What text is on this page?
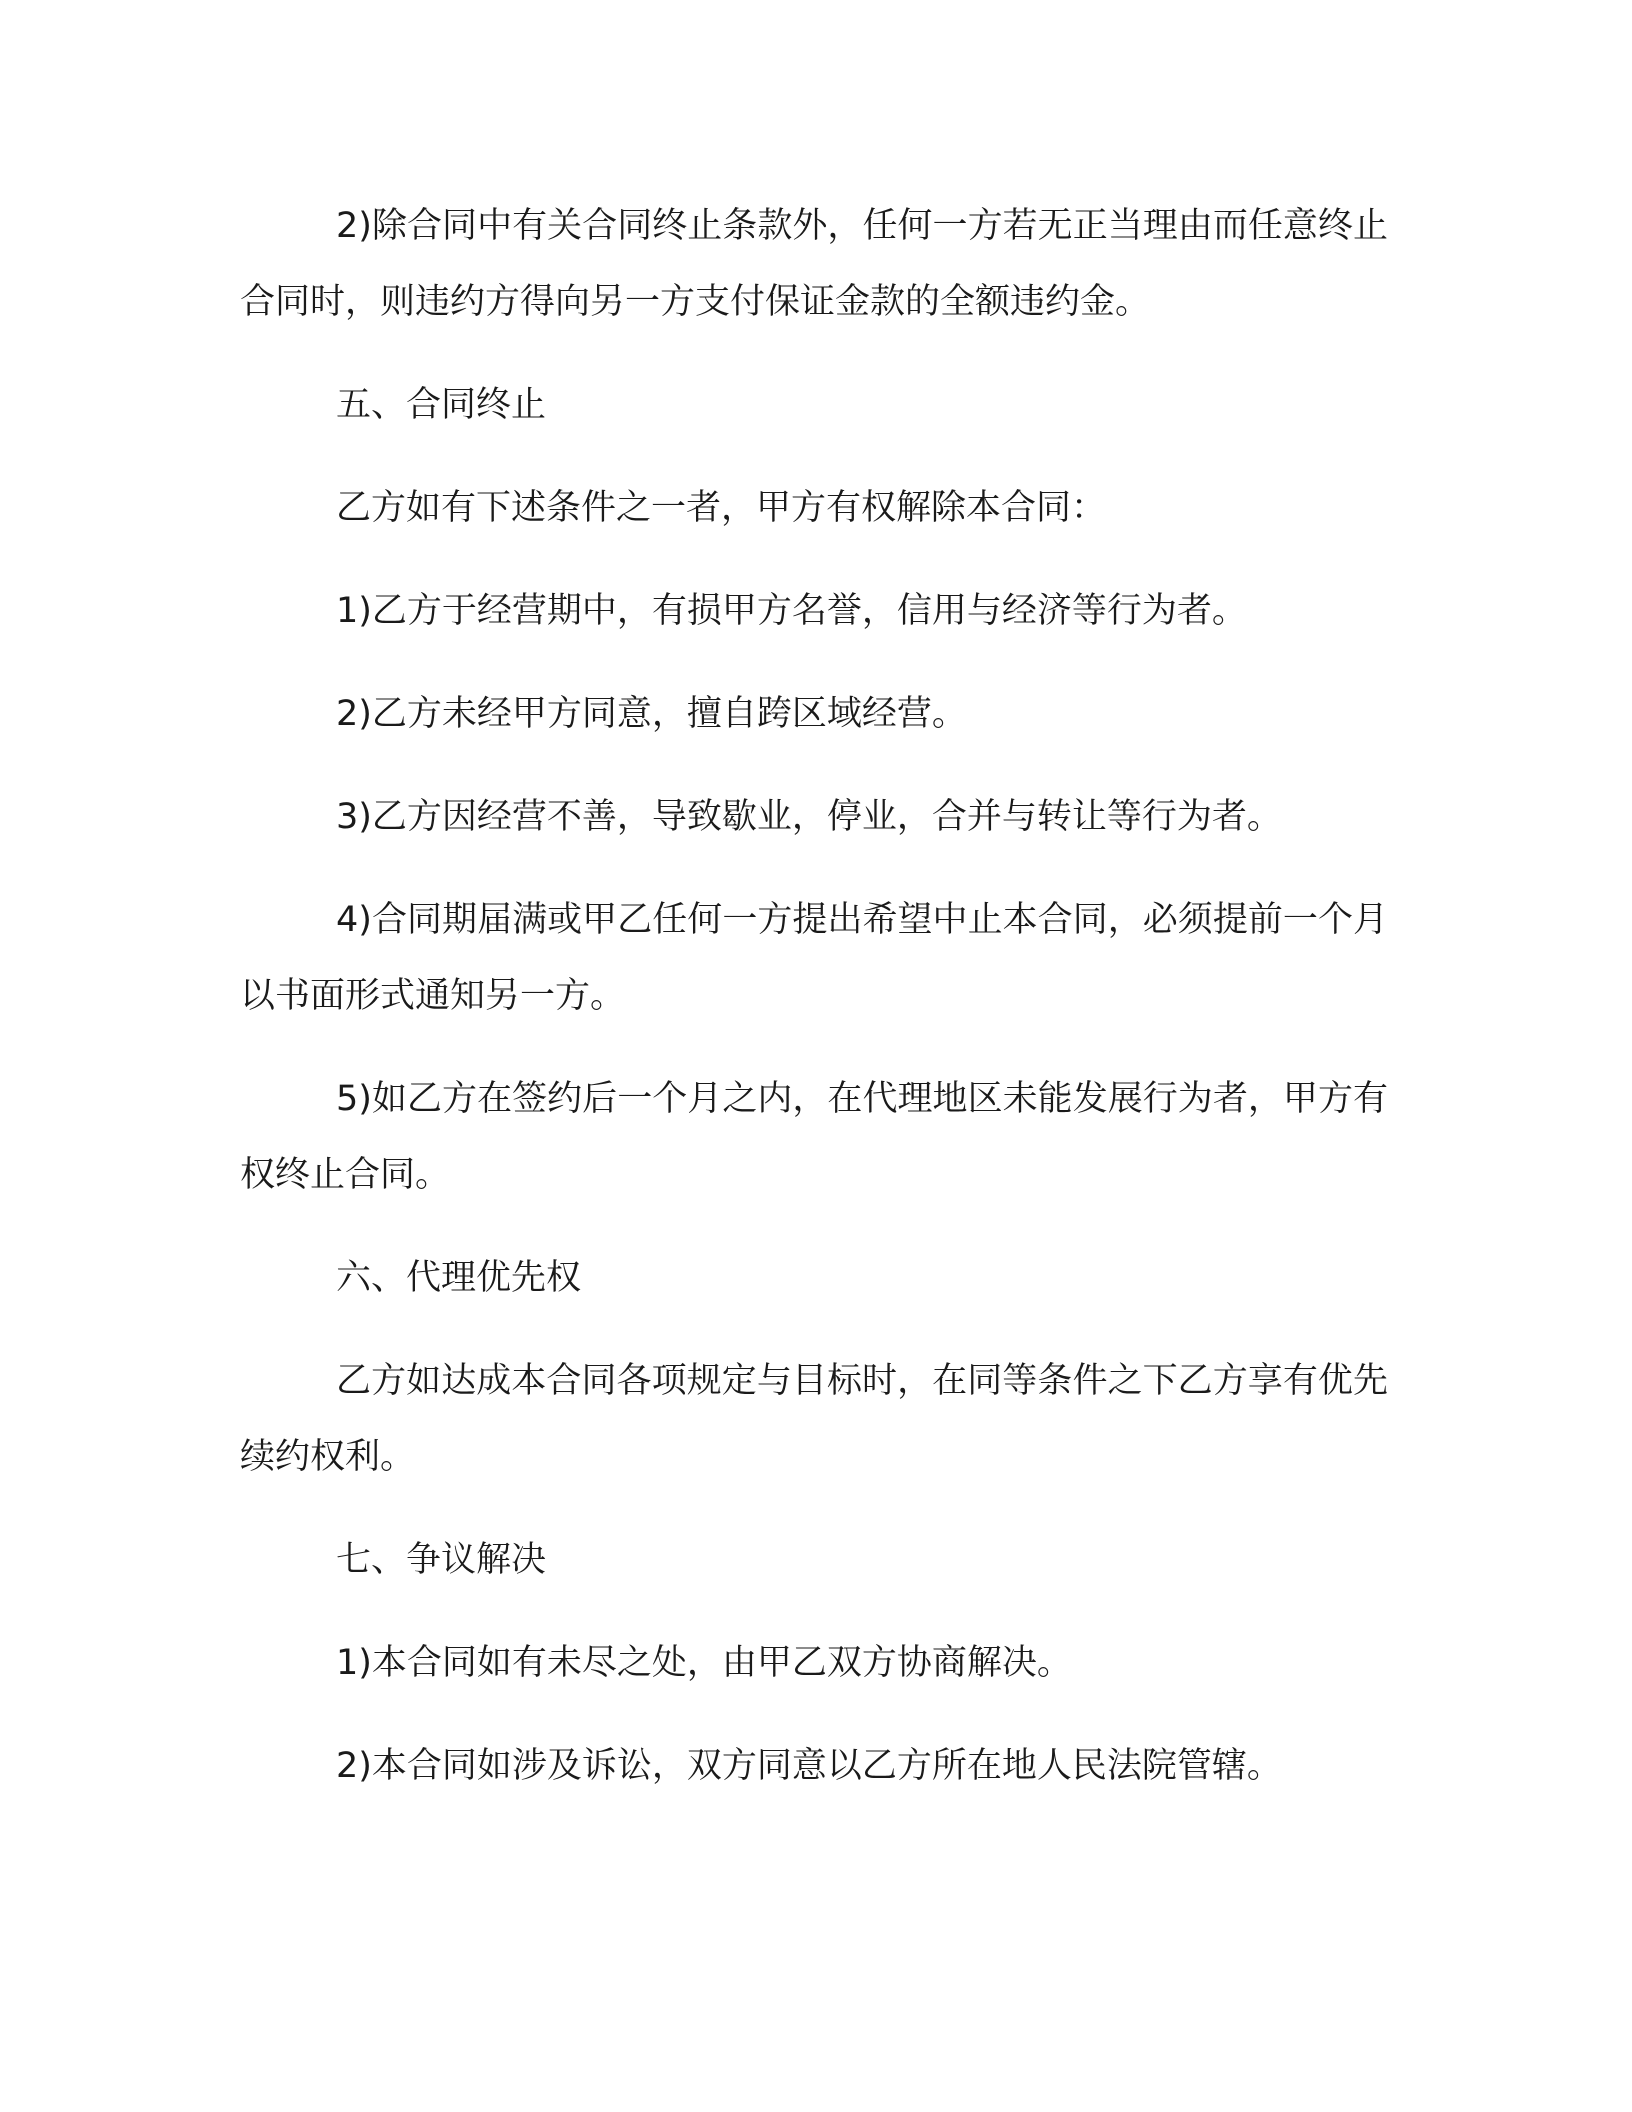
2)除合同中有关合同终止条款外，任何一方若无正当理由而任意终止合同时，则违约方得向另一方支付保证金款的全额违约金。

五、合同终止

乙方如有下述条件之一者，甲方有权解除本合同：

1)乙方于经营期中，有损甲方名誉，信用与经济等行为者。

2)乙方未经甲方同意，擅自跨区域经营。

3)乙方因经营不善，导致歇业，停业，合并与转让等行为者。

4)合同期届满或甲乙任何一方提出希望中止本合同，必须提前一个月以书面形式通知另一方。

5)如乙方在签约后一个月之内，在代理地区未能发展行为者，甲方有权终止合同。

六、代理优先权

乙方如达成本合同各项规定与目标时，在同等条件之下乙方享有优先续约权利。

七、争议解决

1)本合同如有未尽之处，由甲乙双方协商解决。

2)本合同如涉及诉讼，双方同意以乙方所在地人民法院管辖。
